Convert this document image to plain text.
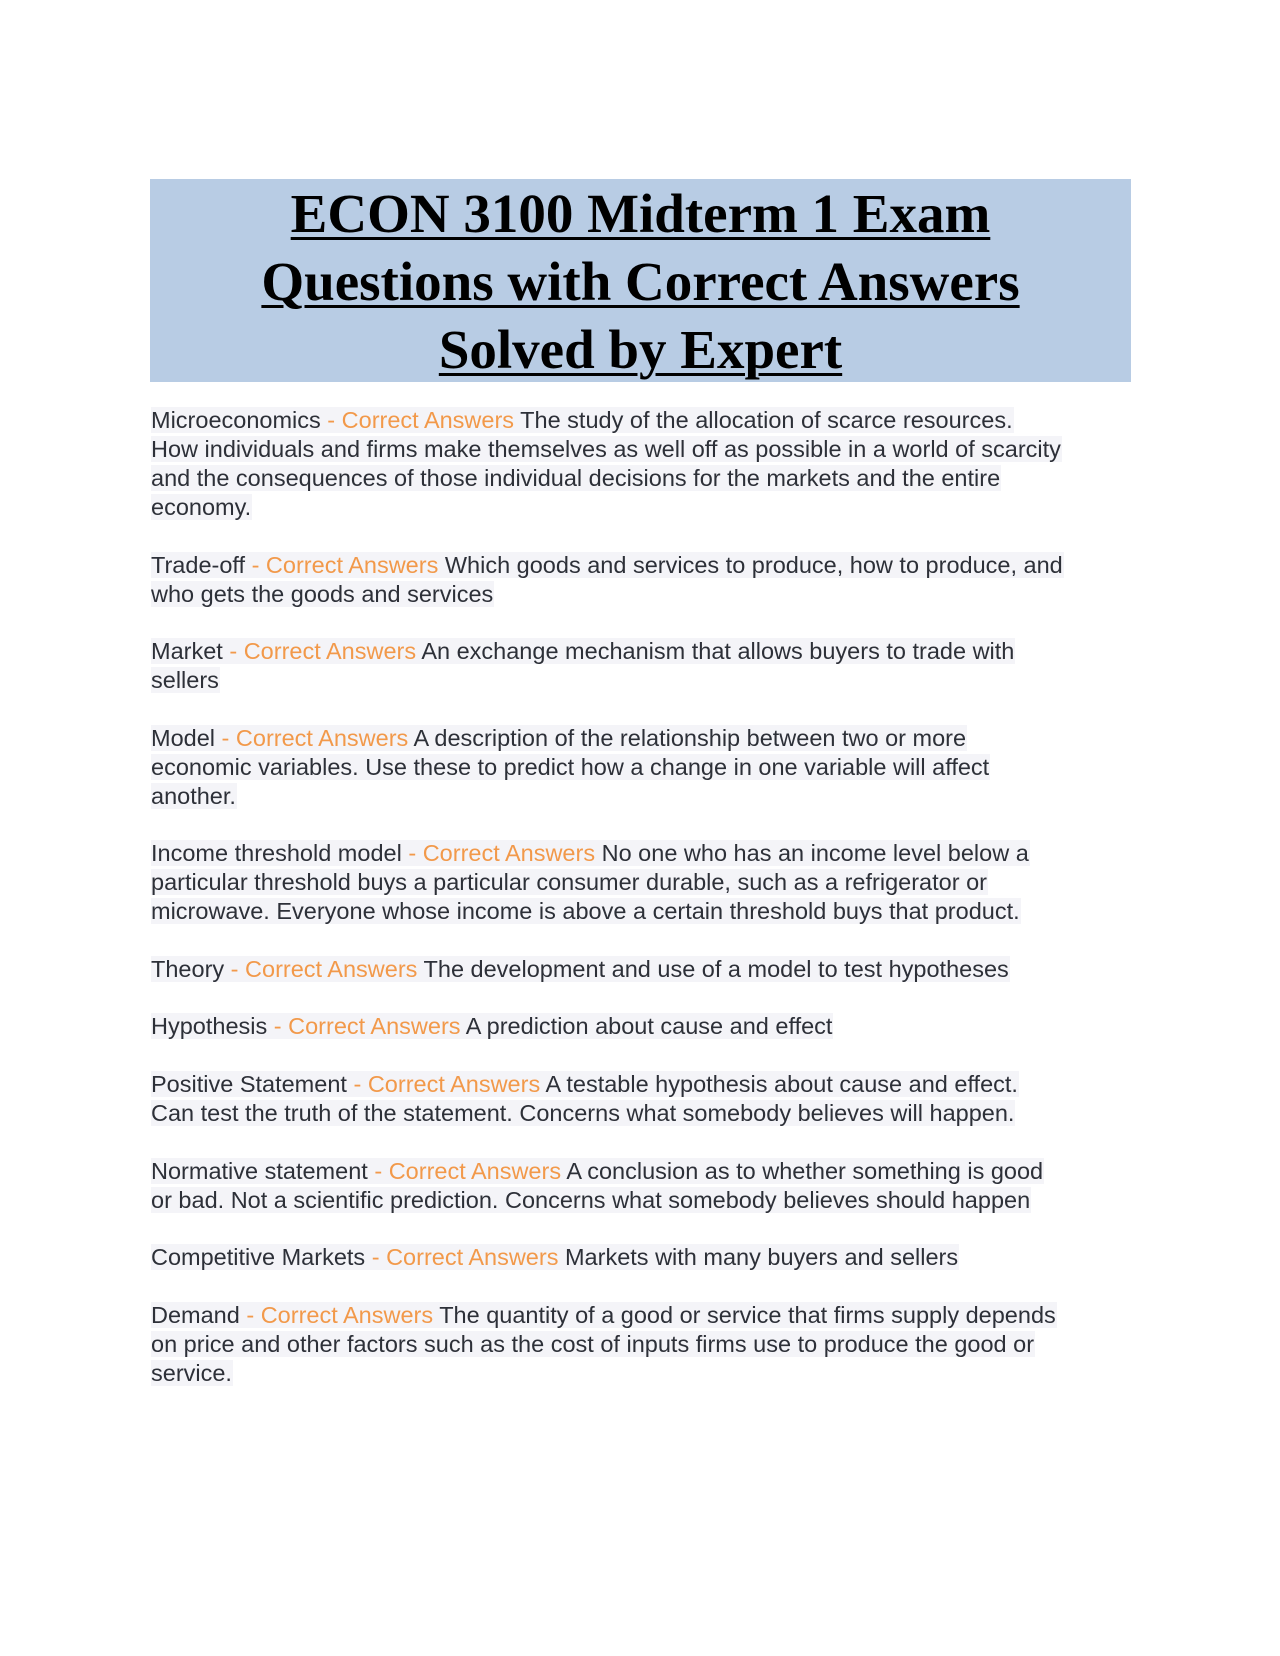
ECON 3100 Midterm 1 Exam
Questions with Correct Answers
Solved by Expert
Microeconomics - Correct Answers The study of the allocation of scarce resources.
How individuals and firms make themselves as well off as possible in a world of scarcity
and the consequences of those individual decisions for the markets and the entire
economy.
Trade-off - Correct Answers Which goods and services to produce, how to produce, and
who gets the goods and services
Market - Correct Answers An exchange mechanism that allows buyers to trade with
sellers
Model - Correct Answers A description of the relationship between two or more
economic variables. Use these to predict how a change in one variable will affect
another.
Income threshold model - Correct Answers No one who has an income level below a
particular threshold buys a particular consumer durable, such as a refrigerator or
microwave. Everyone whose income is above a certain threshold buys that product.
Theory - Correct Answers The development and use of a model to test hypotheses
Hypothesis - Correct Answers A prediction about cause and effect
Positive Statement - Correct Answers A testable hypothesis about cause and effect.
Can test the truth of the statement. Concerns what somebody believes will happen.
Normative statement - Correct Answers A conclusion as to whether something is good
or bad. Not a scientific prediction. Concerns what somebody believes should happen
Competitive Markets - Correct Answers Markets with many buyers and sellers
Demand - Correct Answers The quantity of a good or service that firms supply depends
on price and other factors such as the cost of inputs firms use to produce the good or
service.
